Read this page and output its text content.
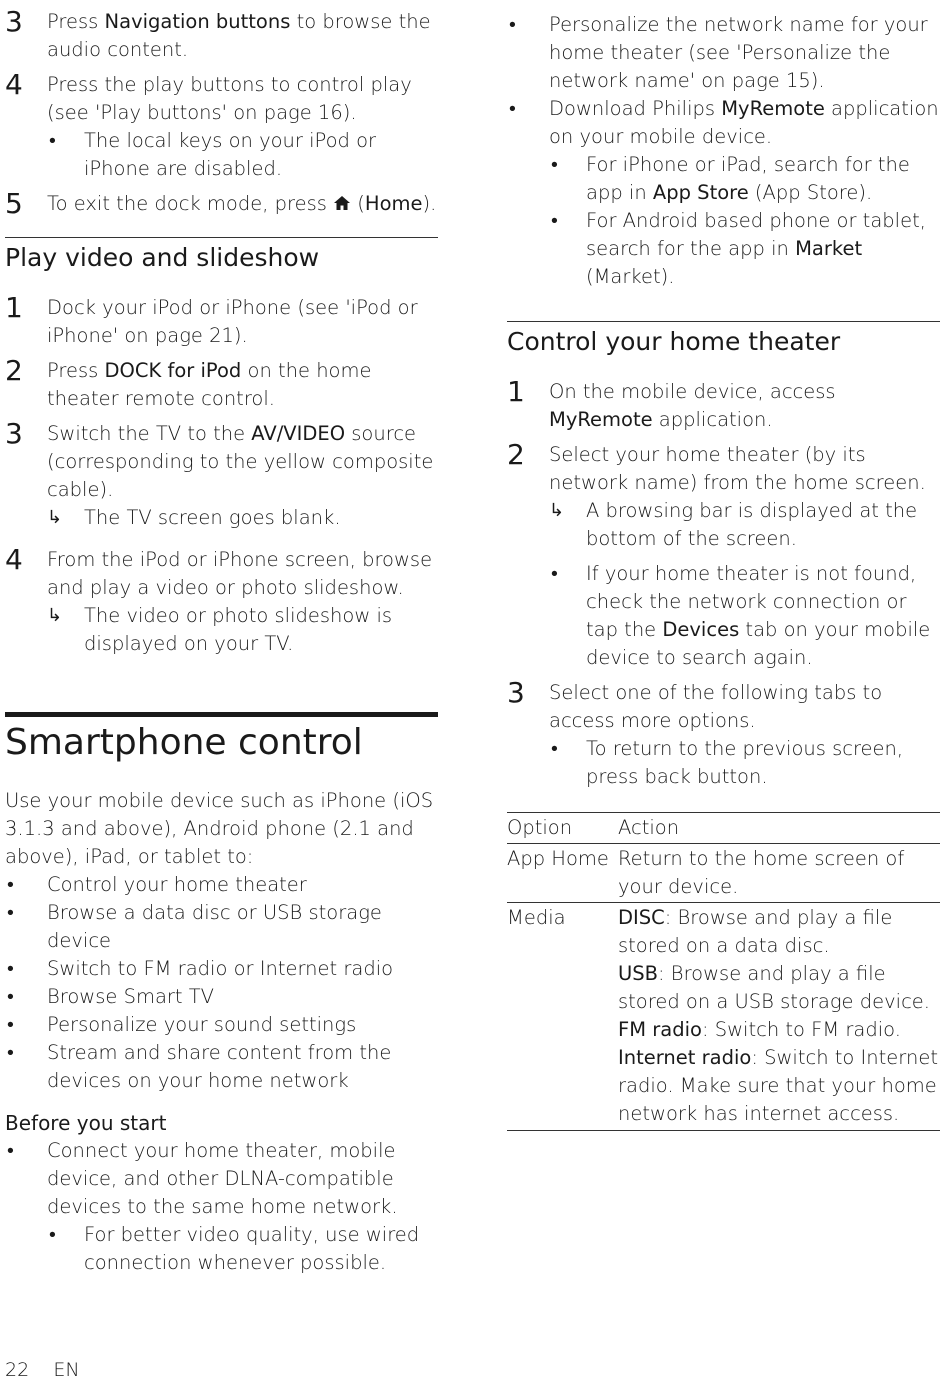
3 Press Navigation buttons to browse the audio content.
4 Press the play buttons to control play (see 'Play buttons' on page 16).
• The local keys on your iPod or iPhone are disabled.
5 To exit the dock mode, press  (Home).
Play video and slideshow
1 Dock your iPod or iPhone (see 'iPod or iPhone' on page 21).
2 Press DOCK for iPod on the home theater remote control.
3 Switch the TV to the AV/VIDEO source (corresponding to the yellow composite cable).
↳ The TV screen goes blank.
4 From the iPod or iPhone screen, browse and play a video or photo slideshow.
↳ The video or photo slideshow is displayed on your TV.
Smartphone control
Use your mobile device such as iPhone (iOS 3.1.3 and above), Android phone (2.1 and above), iPad, or tablet to:
• Control your home theater
• Browse a data disc or USB storage device
• Switch to FM radio or Internet radio
• Browse Smart TV
• Personalize your sound settings
• Stream and share content from the devices on your home network
Before you start
• Connect your home theater, mobile device, and other DLNA-compatible devices to the same home network.
• For better video quality, use wired connection whenever possible.
• Personalize the network name for your home theater (see 'Personalize the network name' on page 15).
• Download Philips MyRemote application on your mobile device.
• For iPhone or iPad, search for the app in App Store (App Store).
• For Android based phone or tablet, search for the app in Market (Market).
Control your home theater
1 On the mobile device, access MyRemote application.
2 Select your home theater (by its network name) from the home screen.
↳ A browsing bar is displayed at the bottom of the screen.
• If your home theater is not found, check the network connection or tap the Devices tab on your mobile device to search again.
3 Select one of the following tabs to access more options.
• To return to the previous screen, press back button.
Option	Action
App Home	Return to the home screen of your device.
Media	DISC: Browse and play a file stored on a data disc.
USB: Browse and play a file stored on a USB storage device.
FM radio: Switch to FM radio.
Internet radio: Switch to Internet radio. Make sure that your home network has internet access.
22 EN
